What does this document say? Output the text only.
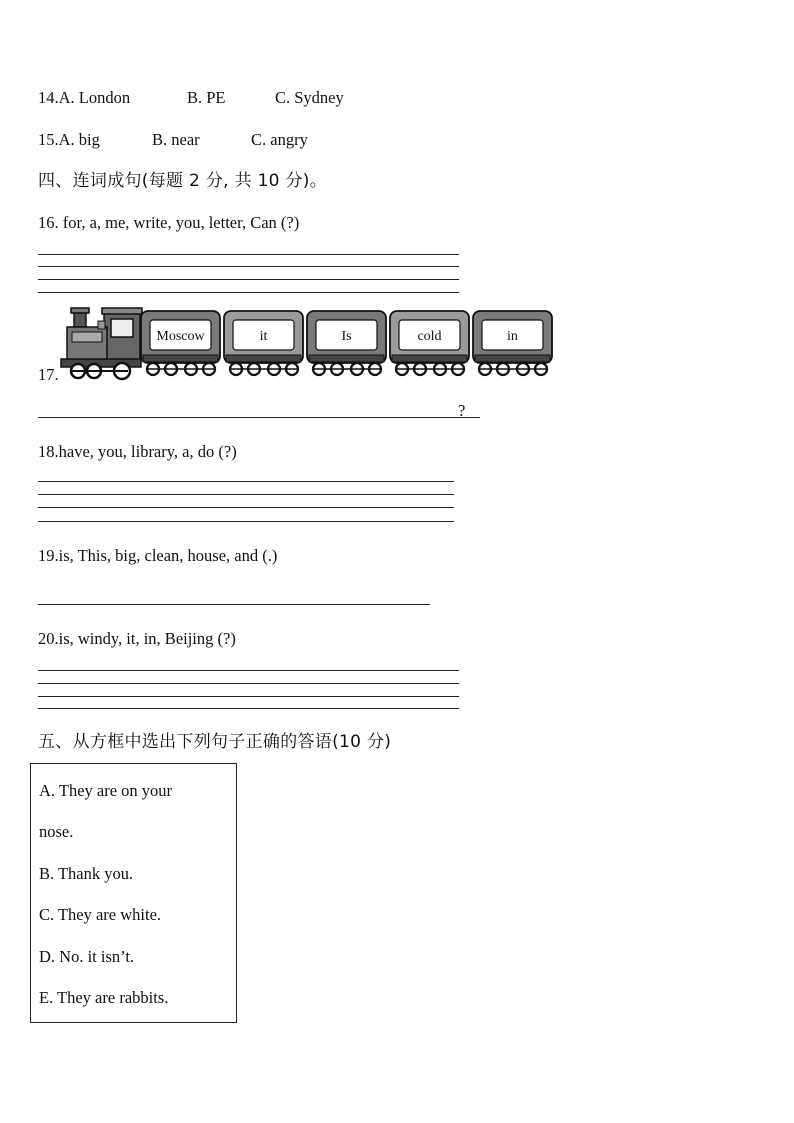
14.A. London	B. PE	C. Sydney
15.A. big	B. near	C. angry
四、连词成句(每题 2 分, 共 10 分)。
16. for, a, me, write, you, letter, Can (?)
17.
Moscow	it	Is	cold	in
?
18.have, you, library, a, do (?)
19.is, This, big, clean, house, and (.)
20.is, windy, it, in, Beijing (?)
五、从方框中选出下列句子正确的答语(10 分)
A. They are on your
nose.
B. Thank you.
C. They are white.
D. No. it isn’t.
E. They are rabbits.
